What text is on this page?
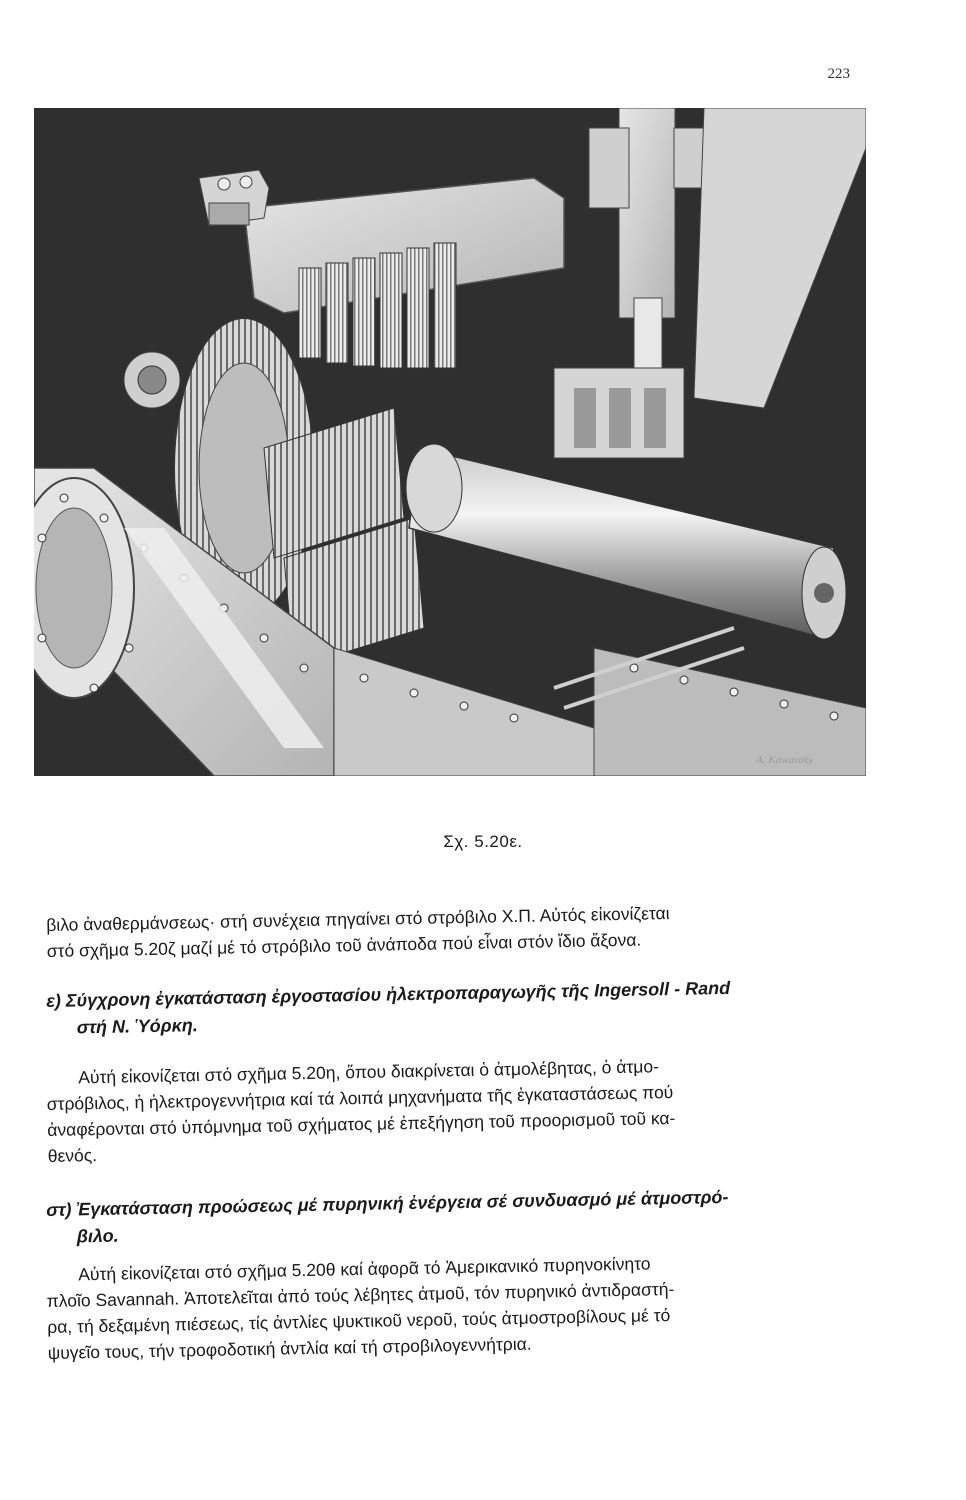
223
A. Kawasaky
Σχ. 5.20ε.

βιλο ἀναθερμάνσεως· στή συνέχεια πηγαίνει στό στρόβιλο Χ.Π. Αὐτός εἰκονίζεται

στό σχῆμα 5.20ζ μαζί μέ τό στρόβιλο τοῦ ἀνάποδα πού εἶναι στόν ἴδιο ἄξονα.

ε) Σύγχρονη ἐγκατάσταση ἐργοστασίου ἠλεκτροπαραγωγῆς τῆς Ingersoll - Rand
στή Ν. Ὑόρκη.

Αὐτή εἰκονίζεται στό σχῆμα 5.20η, ὅπου διακρίνεται ὁ ἀτμολέβητας, ὁ ἀτμο-

στρόβιλος, ἡ ἠλεκτρογεννήτρια καί τά λοιπά μηχανήματα τῆς ἐγκαταστάσεως πού

ἀναφέρονται στό ὑπόμνημα τοῦ σχήματος μέ ἐπεξήγηση τοῦ προορισμοῦ τοῦ κα-

θενός.

στ) Ἐγκατάσταση προώσεως μέ πυρηνική ἐνέργεια σέ συνδυασμό μέ ἀτμοστρό-
βιλο.

Αὐτή εἰκονίζεται στό σχῆμα 5.20θ καί ἀφορᾶ τό Ἀμερικανικό πυρηνοκίνητο

πλοῖο Savannah. Ἀποτελεῖται ἀπό τούς λέβητες ἀτμοῦ, τόν πυρηνικό ἀντιδραστή-

ρα, τή δεξαμένη πιέσεως, τίς ἀντλίες ψυκτικοῦ νεροῦ, τούς ἀτμοστροβίλους μέ τό

ψυγεῖο τους, τήν τροφοδοτική ἀντλία καί τή στροβιλογεννήτρια.
